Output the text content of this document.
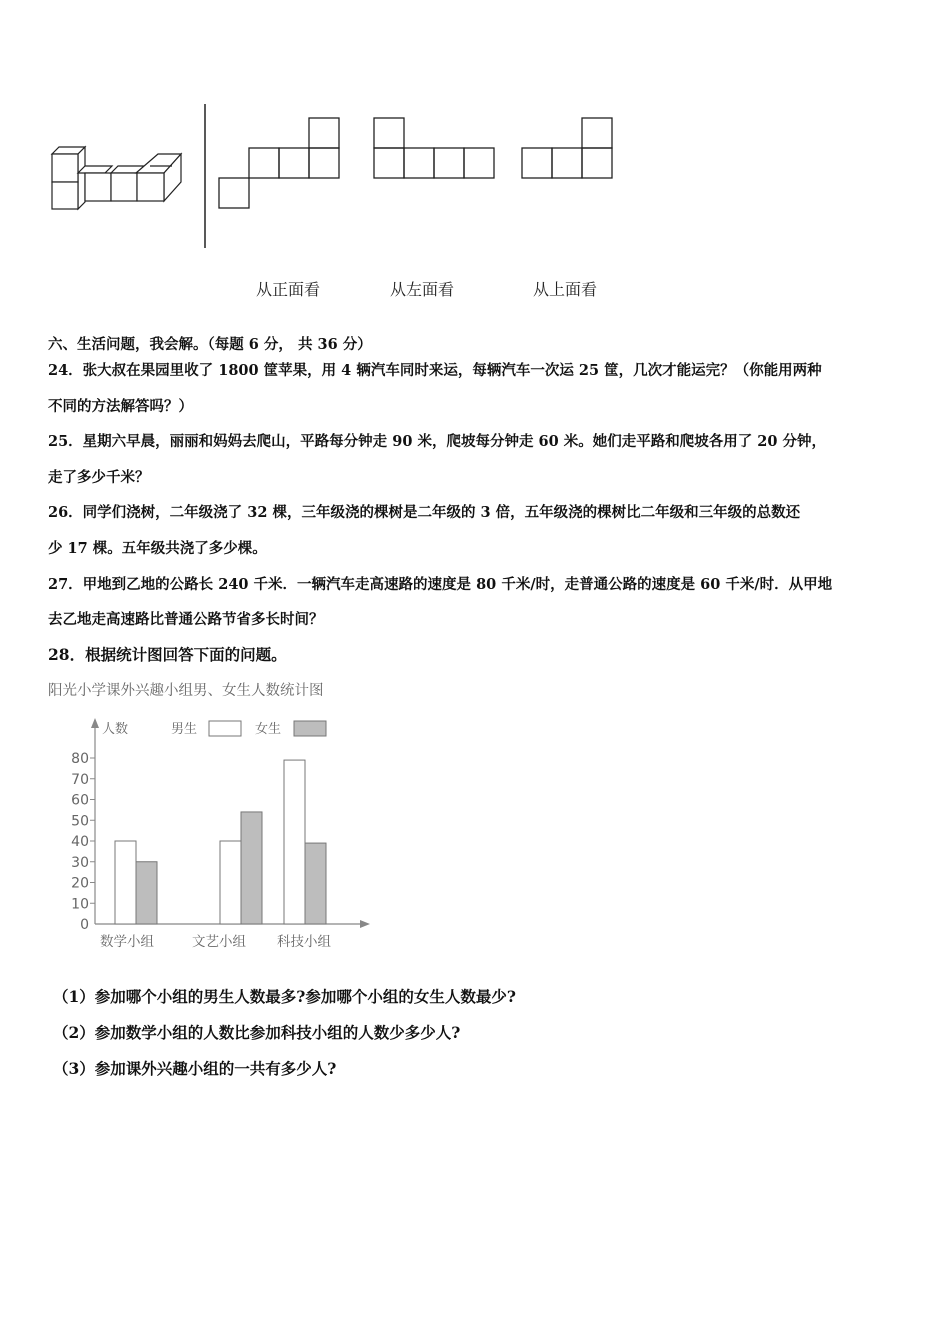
从正面看	从左面看	从上面看
六、生活问题，我会解。（每题 6 分， 共 36 分）
24．张大叔在果园里收了 1800 筐苹果，用 4 辆汽车同时来运，每辆汽车一次运 25 筐，几次才能运完？（你能用两种
不同的方法解答吗？）
25．星期六早晨，丽丽和妈妈去爬山，平路每分钟走 90 米，爬坡每分钟走 60 米。她们走平路和爬坡各用了 20 分钟，
走了多少千米？
26．同学们浇树，二年级浇了 32 棵，三年级浇的棵树是二年级的 3 倍，五年级浇的棵树比二年级和三年级的总数还
少 17 棵。五年级共浇了多少棵。
27．甲地到乙地的公路长 240 千米．一辆汽车走高速路的速度是 80 千米/时，走普通公路的速度是 60 千米/时．从甲地
去乙地走高速路比普通公路节省多长时间？
28．根据统计图回答下面的问题。
阳光小学课外兴趣小组男、女生人数统计图
人数	男生	女生
0
10
20
30
40
50
60
70
80
数学小组	文艺小组 科技小组
（1）参加哪个小组的男生人数最多?参加哪个小组的女生人数最少?
（2）参加数学小组的人数比参加科技小组的人数少多少人?
（3）参加课外兴趣小组的一共有多少人?
